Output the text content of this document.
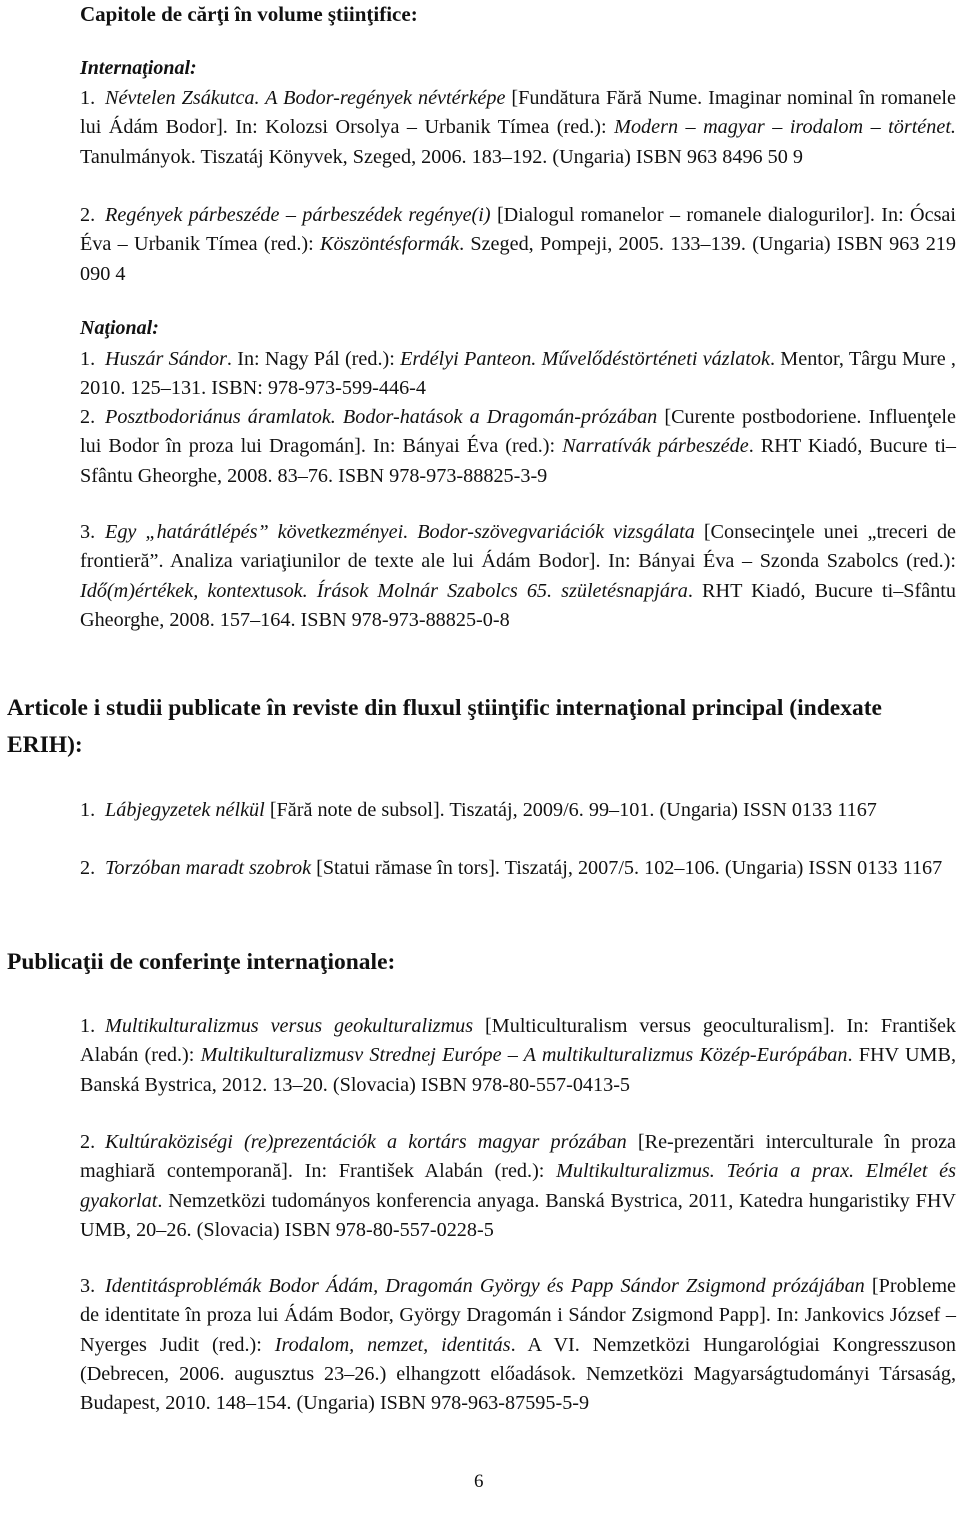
Capitole de cărţi în volume ştiinţifice:
Internaţional:
1. Névtelen Zsákutca. A Bodor-regények névtérképe [Fundătura Fără Nume. Imaginar nominal în romanele lui Ádám Bodor]. In: Kolozsi Orsolya – Urbanik Tímea (red.): Modern – magyar – irodalom – történet. Tanulmányok. Tiszatáj Könyvek, Szeged, 2006. 183–192. (Ungaria) ISBN 963 8496 50 9
2. Regények párbeszéde – párbeszédek regénye(i) [Dialogul romanelor – romanele dialogurilor]. In: Ócsai Éva – Urbanik Tímea (red.): Köszöntésformák. Szeged, Pompeji, 2005. 133–139. (Ungaria) ISBN 963 219 090 4
Naţional:
1. Huszár Sándor. In: Nagy Pál (red.): Erdélyi Panteon. Művelődéstörténeti vázlatok. Mentor, Târgu Mure , 2010. 125–131. ISBN: 978-973-599-446-4
2. Posztbodoriánus áramlatok. Bodor-hatások a Dragomán-prózában [Curente postbodoriene. Influenţele lui Bodor în proza lui Dragomán]. In: Bányai Éva (red.): Narratívák párbeszéde. RHT Kiadó, Bucure ti–Sfântu Gheorghe, 2008. 83–76. ISBN 978-973-88825-3-9
3. Egy „határátlépés” következményei. Bodor-szövegvariációk vizsgálata [Consecinţele unei „treceri de frontieră”. Analiza variaţiunilor de texte ale lui Ádám Bodor]. In: Bányai Éva – Szonda Szabolcs (red.): Idő(m)értékek, kontextusok. Írások Molnár Szabolcs 65. születésnapjára. RHT Kiadó, Bucure ti–Sfântu Gheorghe, 2008. 157–164. ISBN 978-973-88825-0-8
Articole i studii publicate în reviste din fluxul ştiinţific internaţional principal (indexate ERIH):
1. Lábjegyzetek nélkül [Fără note de subsol]. Tiszatáj, 2009/6. 99–101. (Ungaria) ISSN 0133 1167
2. Torzóban maradt szobrok [Statui rămase în tors]. Tiszatáj, 2007/5. 102–106. (Ungaria) ISSN 0133 1167
Publicaţii de conferinţe internaţionale:
1. Multikulturalizmus versus geokulturalizmus [Multiculturalism versus geoculturalism]. In: František Alabán (red.): Multikulturalizmusv Strednej Európe – A multikulturalizmus Közép-Európában. FHV UMB, Banská Bystrica, 2012. 13–20. (Slovacia) ISBN 978-80-557-0413-5
2. Kultúraköziségi (re)prezentációk a kortárs magyar prózában [Re-prezentări interculturale în proza maghiară contemporană]. In: František Alabán (red.): Multikulturalizmus. Teória a prax. Elmélet és gyakorlat. Nemzetközi tudományos konferencia anyaga. Banská Bystrica, 2011, Katedra hungaristiky FHV UMB, 20–26. (Slovacia) ISBN 978-80-557-0228-5
3. Identitásproblémák Bodor Ádám, Dragomán György és Papp Sándor Zsigmond prózájában [Probleme de identitate în proza lui Ádám Bodor, György Dragomán i Sándor Zsigmond Papp]. In: Jankovics József – Nyerges Judit (red.): Irodalom, nemzet, identitás. A VI. Nemzetközi Hungarológiai Kongresszuson (Debrecen, 2006. augusztus 23–26.) elhangzott előadások. Nemzetközi Magyarságtudományi Társaság, Budapest, 2010. 148–154. (Ungaria) ISBN 978-963-87595-5-9
6
